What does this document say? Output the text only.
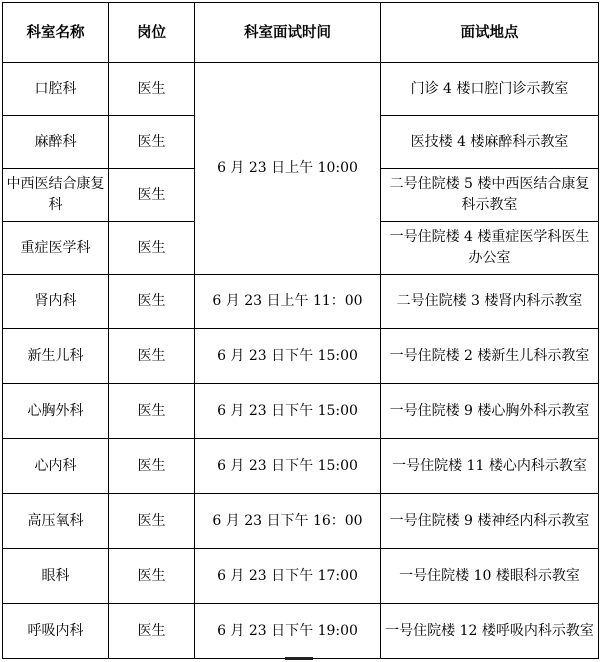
科室名称	岗位	科室面试时间	面试地点
口腔科	医生	6 月 23 日上午 10:00	门诊 4 楼口腔门诊示教室
麻醉科	医生		医技楼 4 楼麻醉科示教室
中西医结合康复科	医生		二号住院楼 5 楼中西医结合康复科示教室
重症医学科	医生		一号住院楼 4 楼重症医学科医生办公室
肾内科	医生	6 月 23 日上午 11：00	二号住院楼 3 楼肾内科示教室
新生儿科	医生	6 月 23 日下午 15:00	一号住院楼 2 楼新生儿科示教室
心胸外科	医生	6 月 23 日下午 15:00	一号住院楼 9 楼心胸外科示教室
心内科	医生	6 月 23 日下午 15:00	一号住院楼 11 楼心内科示教室
高压氧科	医生	6 月 23 日下午 16：00	一号住院楼 9 楼神经内科示教室
眼科	医生	6 月 23 日下午 17:00	一号住院楼 10 楼眼科示教室
呼吸内科	医生	6 月 23 日下午 19:00	一号住院楼 12 楼呼吸内科示教室
